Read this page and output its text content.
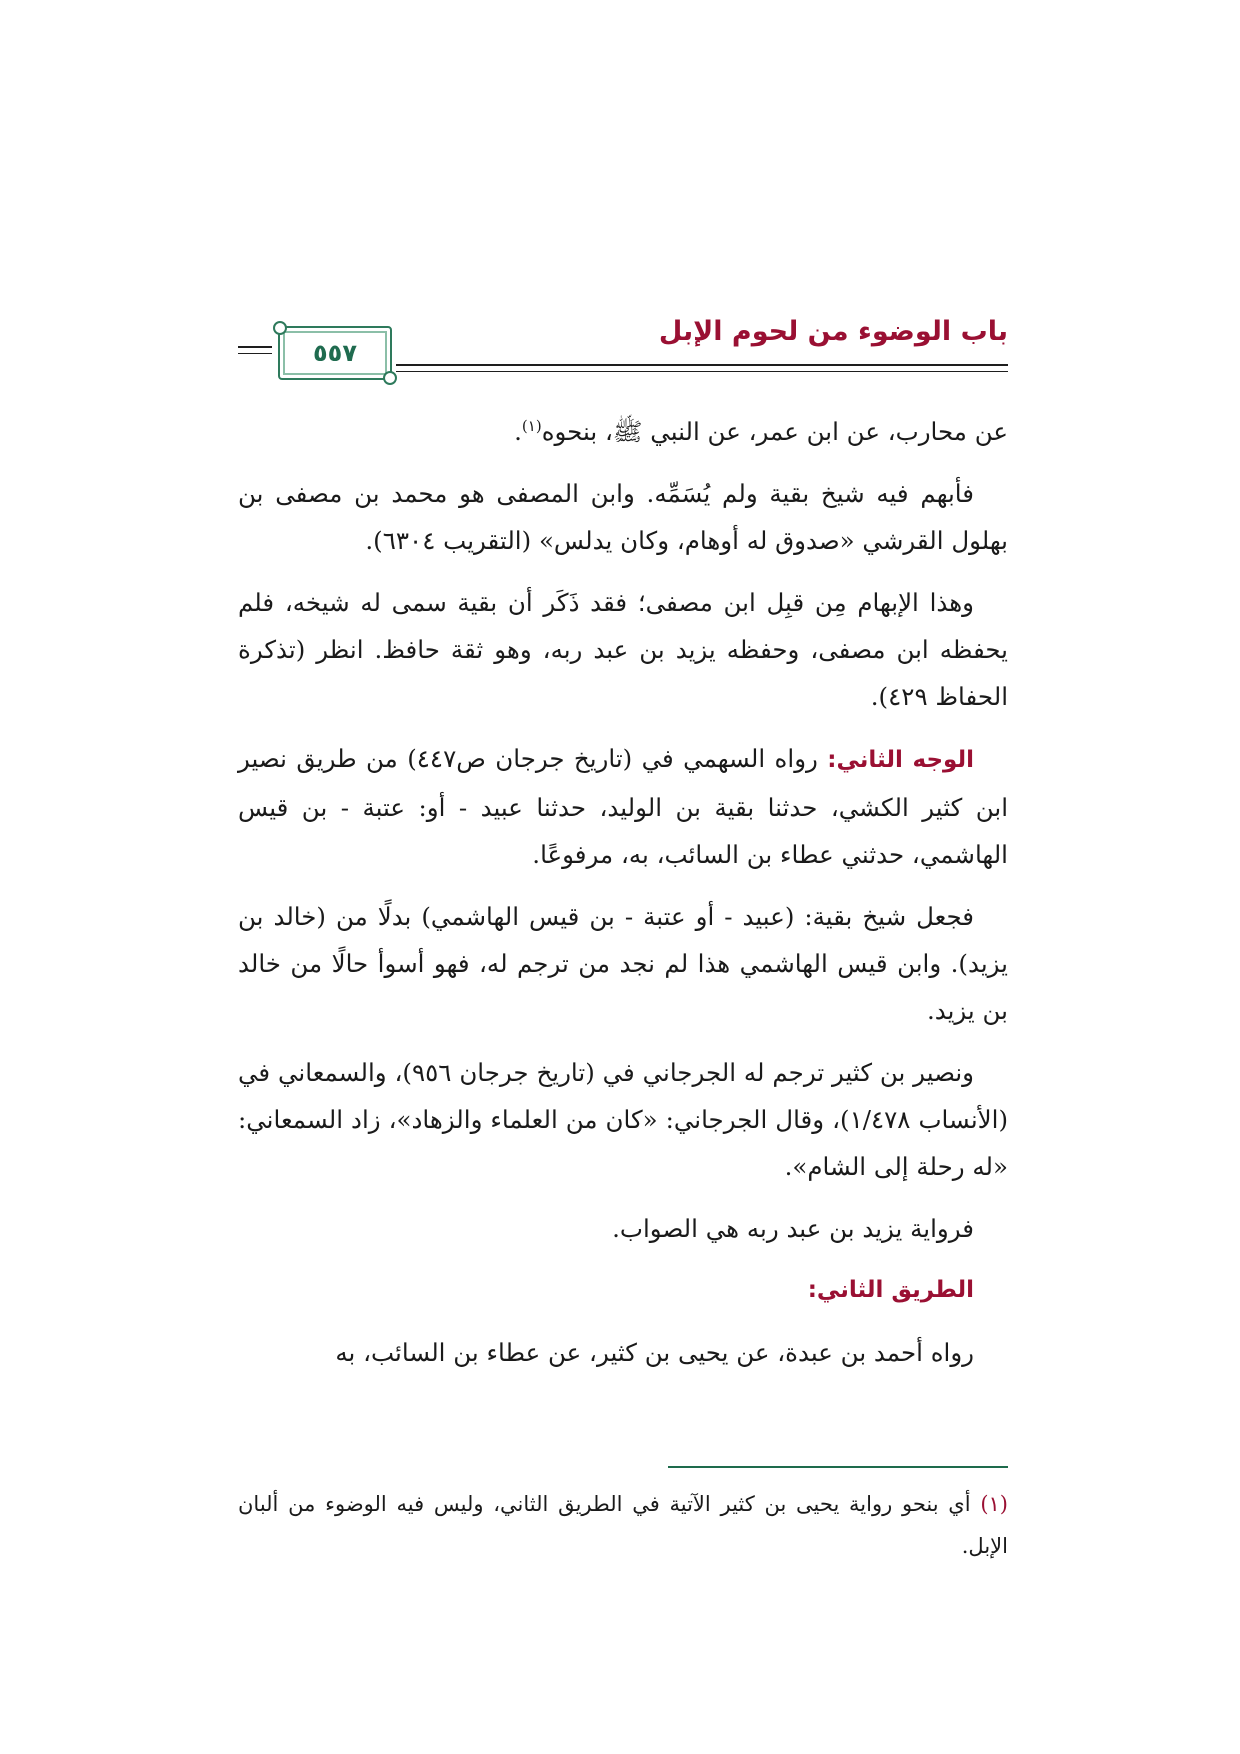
باب الوضوء من لحوم الإبل
٥٥٧

عن محارب، عن ابن عمر، عن النبي ﷺ، بنحوه$^{(١)}$.

فأبهم فيه شيخ بقية ولم يُسَمِّه. وابن المصفى هو محمد بن مصفى بن بهلول القرشي «صدوق له أوهام، وكان يدلس» (التقريب ٦٣٠٤).

وهذا الإبهام مِن قبِل ابن مصفى؛ فقد ذَكَر أن بقية سمى له شيخه، فلم يحفظه ابن مصفى، وحفظه يزيد بن عبد ربه، وهو ثقة حافظ. انظر (تذكرة الحفاظ ٤٢٩).

الوجه الثاني: رواه السهمي في (تاريخ جرجان ص٤٤٧) من طريق نصير ابن كثير الكشي، حدثنا بقية بن الوليد، حدثنا عبيد - أو: عتبة - بن قيس الهاشمي، حدثني عطاء بن السائب، به، مرفوعًا.

فجعل شيخ بقية: (عبيد - أو عتبة - بن قيس الهاشمي) بدلًا من (خالد بن يزيد). وابن قيس الهاشمي هذا لم نجد من ترجم له، فهو أسوأ حالًا من خالد بن يزيد.

ونصير بن كثير ترجم له الجرجاني في (تاريخ جرجان ٩٥٦)، والسمعاني في (الأنساب ١/٤٧٨)، وقال الجرجاني: «كان من العلماء والزهاد»، زاد السمعاني: «له رحلة إلى الشام».

فرواية يزيد بن عبد ربه هي الصواب.

الطريق الثاني:

رواه أحمد بن عبدة، عن يحيى بن كثير، عن عطاء بن السائب، به

(١) أي بنحو رواية يحيى بن كثير الآتية في الطريق الثاني، وليس فيه الوضوء من ألبان الإبل.
